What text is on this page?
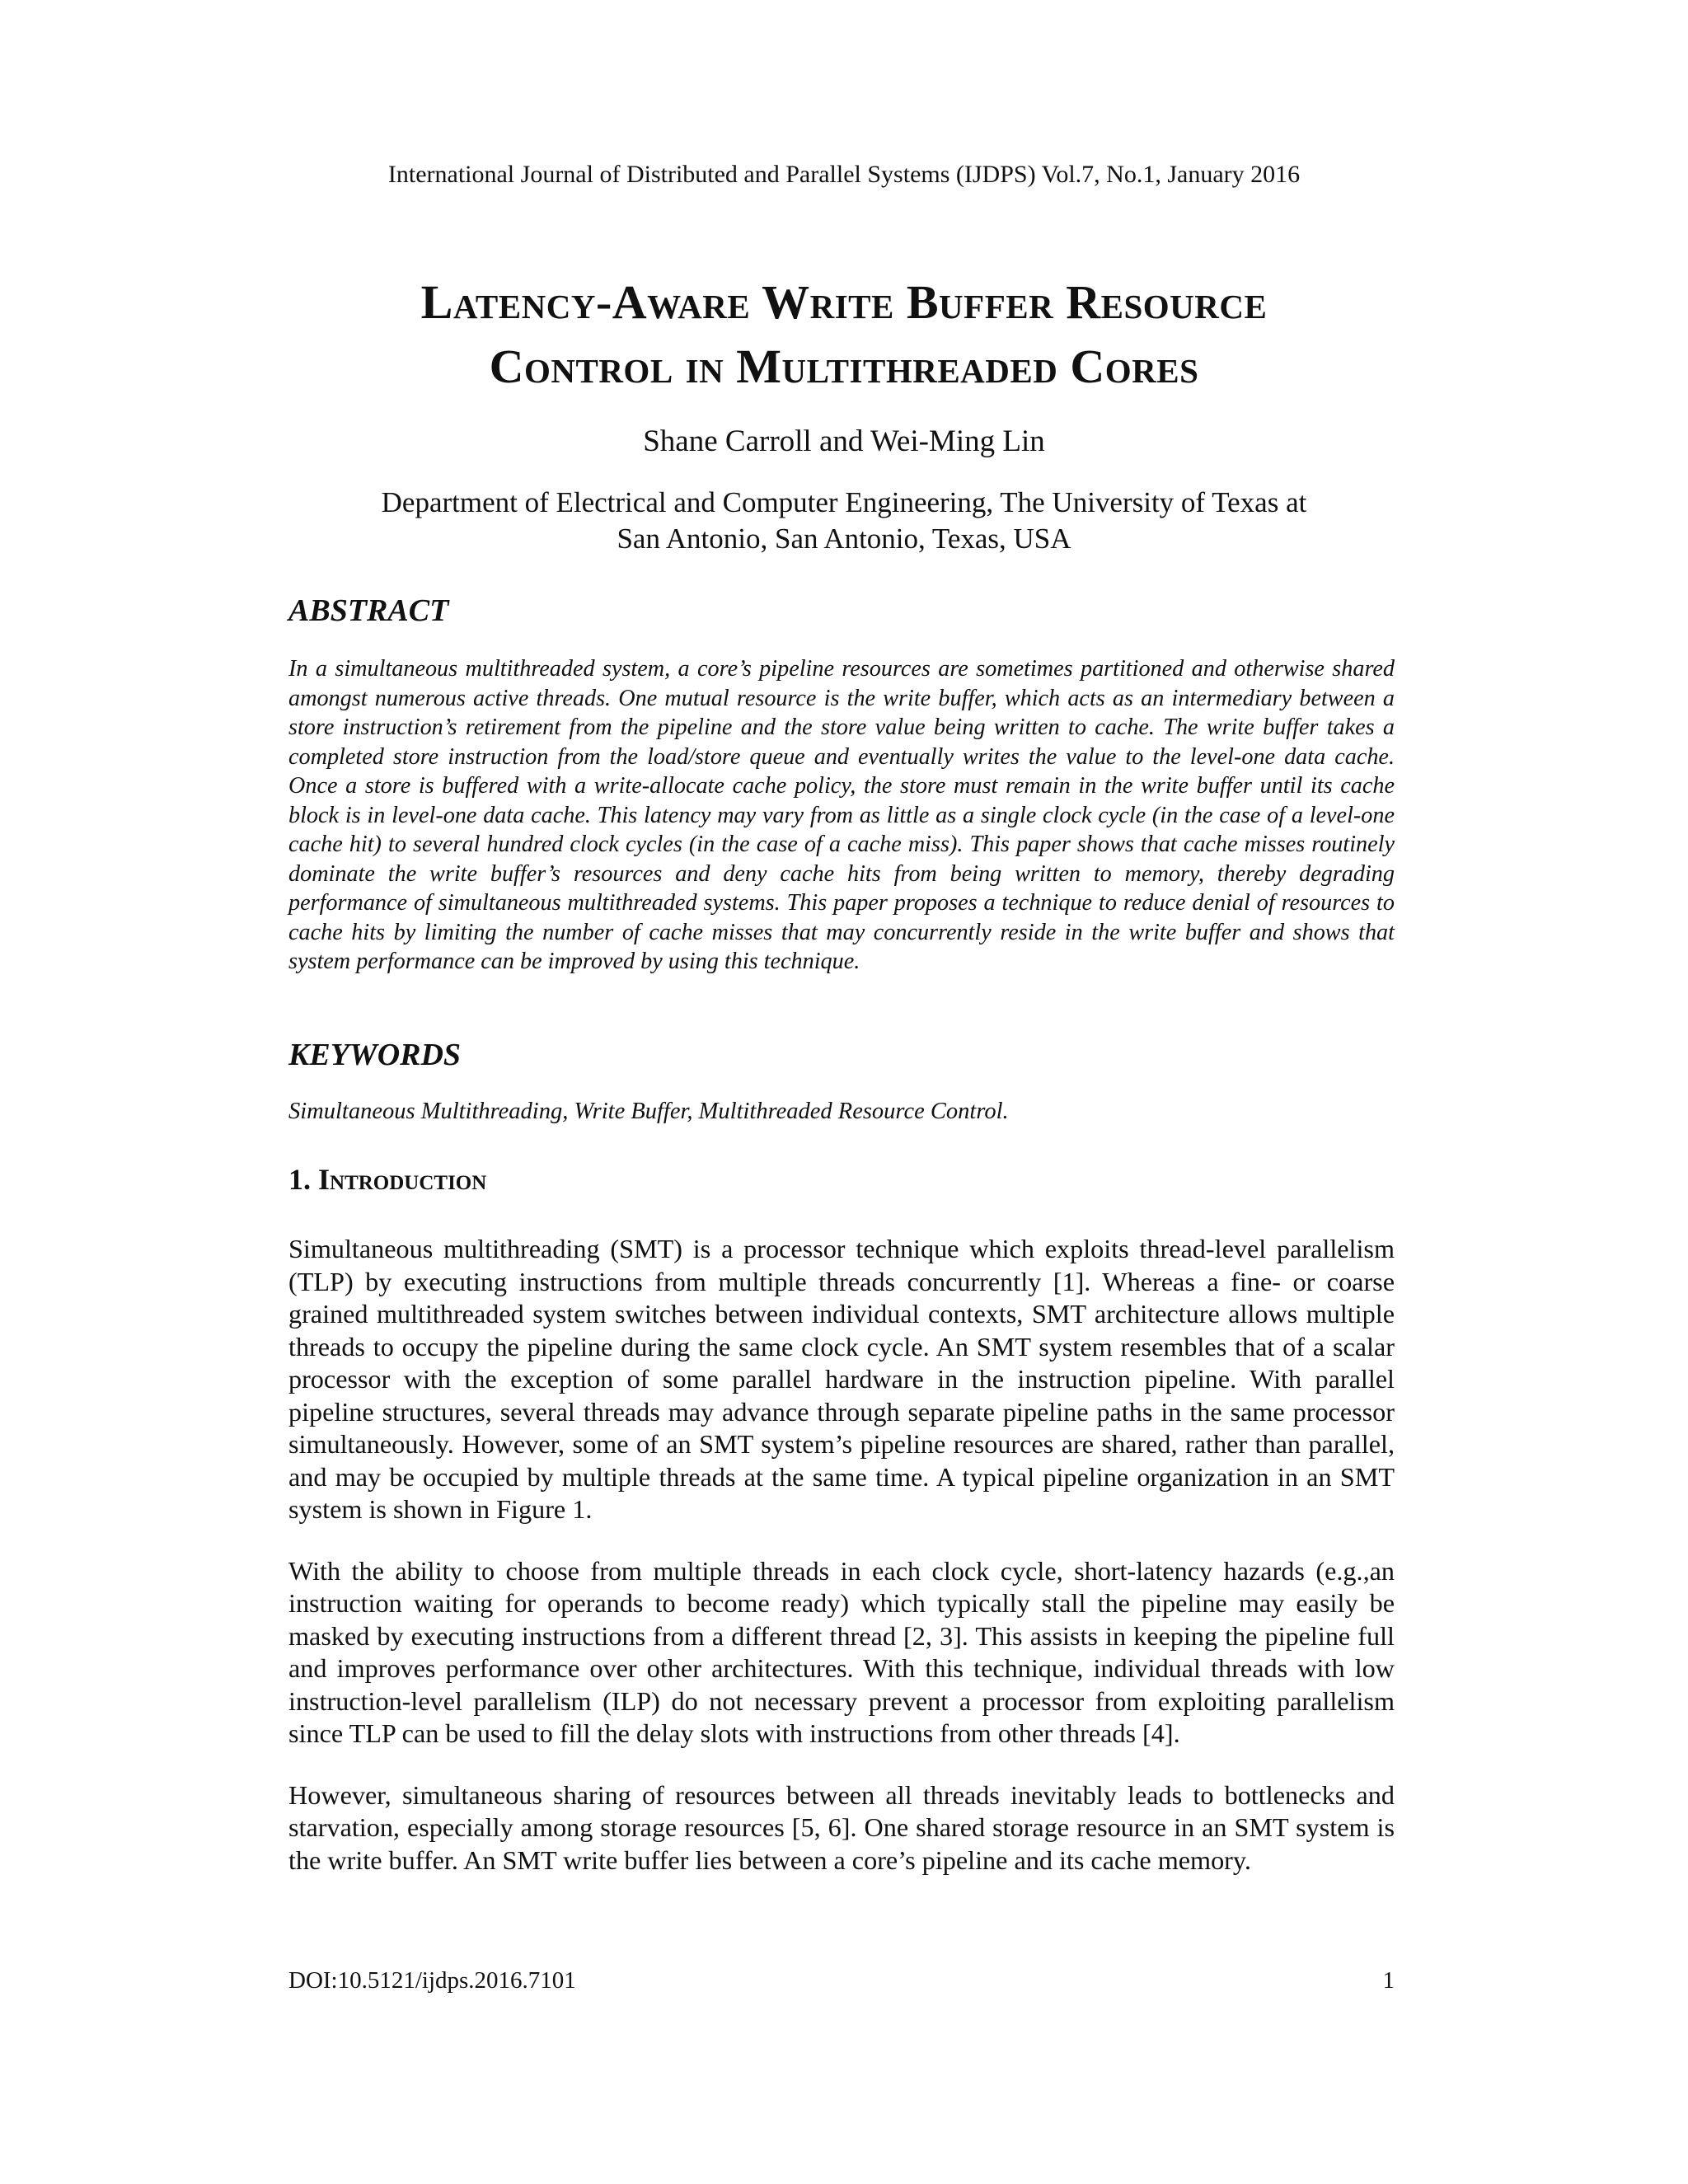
International Journal of Distributed and Parallel Systems (IJDPS) Vol.7, No.1, January 2016
Latency-Aware Write Buffer Resource
Control in Multithreaded Cores
Shane Carroll and Wei-Ming Lin
Department of Electrical and Computer Engineering, The University of Texas at
San Antonio, San Antonio, Texas, USA
ABSTRACT

In a simultaneous multithreaded system, a core’s pipeline resources are sometimes partitioned and otherwise shared amongst numerous active threads. One mutual resource is the write buffer, which acts as an intermediary between a store instruction’s retirement from the pipeline and the store value being written to cache. The write buffer takes a completed store instruction from the load/store queue and eventually writes the value to the level-one data cache. Once a store is buffered with a write-allocate cache policy, the store must remain in the write buffer until its cache block is in level-one data cache. This latency may vary from as little as a single clock cycle (in the case of a level-one cache hit) to several hundred clock cycles (in the case of a cache miss). This paper shows that cache misses routinely dominate the write buffer’s resources and deny cache hits from being written to memory, thereby degrading performance of simultaneous multithreaded systems. This paper proposes a technique to reduce denial of resources to cache hits by limiting the number of cache misses that may concurrently reside in the write buffer and shows that system performance can be improved by using this technique.

KEYWORDS

Simultaneous Multithreading, Write Buffer, Multithreaded Resource Control.

1. Introduction

Simultaneous multithreading (SMT) is a processor technique which exploits thread-level parallelism (TLP) by executing instructions from multiple threads concurrently [1]. Whereas a fine- or coarse grained multithreaded system switches between individual contexts, SMT architecture allows multiple threads to occupy the pipeline during the same clock cycle. An SMT system resembles that of a scalar processor with the exception of some parallel hardware in the instruction pipeline. With parallel pipeline structures, several threads may advance through separate pipeline paths in the same processor simultaneously. However, some of an SMT system’s pipeline resources are shared, rather than parallel, and may be occupied by multiple threads at the same time. A typical pipeline organization in an SMT system is shown in Figure 1.

With the ability to choose from multiple threads in each clock cycle, short-latency hazards (e.g.,an instruction waiting for operands to become ready) which typically stall the pipeline may easily be masked by executing instructions from a different thread [2, 3]. This assists in keeping the pipeline full and improves performance over other architectures. With this technique, individual threads with low instruction-level parallelism (ILP) do not necessary prevent a processor from exploiting parallelism since TLP can be used to fill the delay slots with instructions from other threads [4].

However, simultaneous sharing of resources between all threads inevitably leads to bottlenecks and starvation, especially among storage resources [5, 6]. One shared storage resource in an SMT system is the write buffer. An SMT write buffer lies between a core’s pipeline and its cache memory.

DOI:10.5121/ijdps.2016.7101	1
